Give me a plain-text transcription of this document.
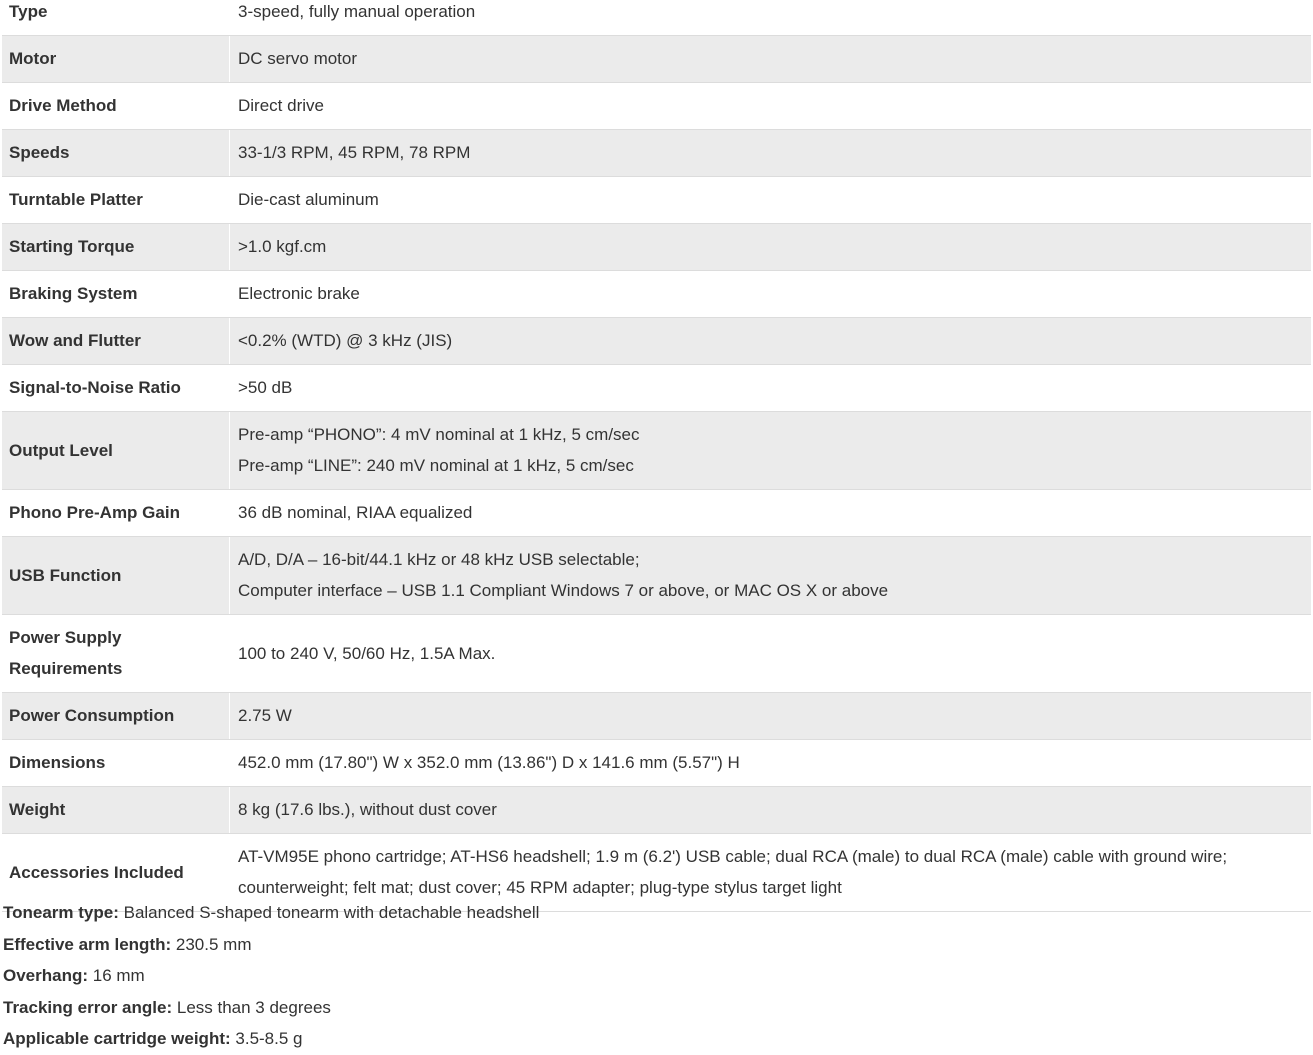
Type	3-speed, fully manual operation

Motor	DC servo motor

Drive Method	Direct drive

Speeds	33-1/3 RPM, 45 RPM, 78 RPM

Turntable Platter	Die-cast aluminum

Starting Torque	>1.0 kgf.cm

Braking System	Electronic brake

Wow and Flutter	<0.2% (WTD) @ 3 kHz (JIS)

Signal-to-Noise Ratio	>50 dB

Output Level	Pre-amp “PHONO”: 4 mV nominal at 1 kHz, 5 cm/sec
Pre-amp “LINE”: 240 mV nominal at 1 kHz, 5 cm/sec

Phono Pre-Amp Gain	36 dB nominal, RIAA equalized

USB Function	A/D, D/A – 16-bit/44.1 kHz or 48 kHz USB selectable;
Computer interface – USB 1.1 Compliant Windows 7 or above, or MAC OS X or above

Power Supply Requirements	100 to 240 V, 50/60 Hz, 1.5A Max.

Power Consumption	2.75 W

Dimensions	452.0 mm (17.80") W x 352.0 mm (13.86") D x 141.6 mm (5.57") H

Weight	8 kg (17.6 lbs.), without dust cover

Accessories Included	AT-VM95E phono cartridge; AT-HS6 headshell; 1.9 m (6.2') USB cable; dual RCA (male) to dual RCA (male) cable with ground wire;
counterweight; felt mat; dust cover; 45 RPM adapter; plug-type stylus target light
Tonearm type: Balanced S-shaped tonearm with detachable headshell
Effective arm length: 230.5 mm
Overhang: 16 mm
Tracking error angle: Less than 3 degrees
Applicable cartridge weight: 3.5-8.5 g
